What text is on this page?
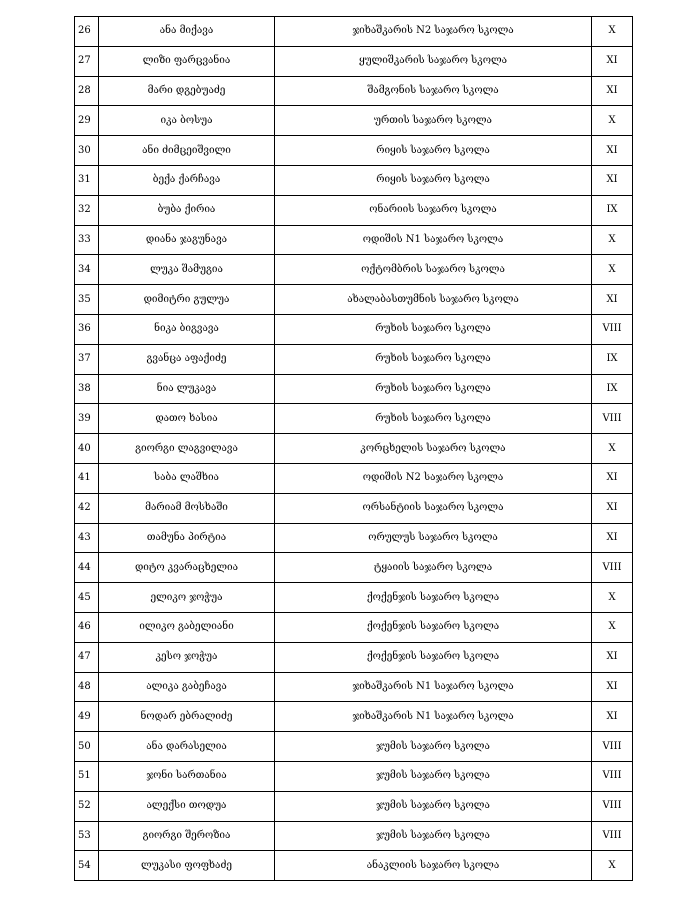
26	ანა მიქავა	ჯიხაშკარის N2 საჯარო სკოლა	X
27	ლიზი ფარცვანია	ყულიშკარის საჯარო სკოლა	XI
28	მარი დგებუაძე	შამგონის საჯარო სკოლა	XI
29	იკა ბოსუა	ურთის საჯარო სკოლა	X
30	ანი ძიმცეიშვილი	რიყის საჯარო სკოლა	XI
31	ბექა ქარჩავა	რიყის საჯარო სკოლა	XI
32	ბუბა ქირია	ონარიის საჯარო სკოლა	IX
33	დიანა ჯაგუნავა	ოდიშის N1 საჯარო სკოლა	X
34	ლუკა შამუგია	ოქტომბრის საჯარო სკოლა	X
35	დიმიტრი გულუა	ახალაბასთუმნის საჯარო სკოლა	XI
36	ნიკა ბიგვავა	რუხის საჯარო სკოლა	VIII
37	გვანცა აფაქიძე	რუხის საჯარო სკოლა	IX
38	ნია ლუკავა	რუხის საჯარო სკოლა	IX
39	დათო ხასია	რუხის საჯარო სკოლა	VIII
40	გიორგი ლაგვილავა	კორცხელის საჯარო სკოლა	X
41	საბა ლაშხია	ოდიშის N2 საჯარო სკოლა	XI
42	მარიამ მოსხაში	ორსანტიის საჯარო სკოლა	XI
43	თამუნა პირტია	ორულუს საჯარო სკოლა	XI
44	დიტო კვარაცხელია	ტყაიის საჯარო სკოლა	VIII
45	ელიკო ჯოჭუა	ქოქენჯის საჯარო სკოლა	X
46	ილიკო გაბელიანი	ქოქენჯის საჯარო სკოლა	X
47	კესო ჯოჭუა	ქოქენჯის საჯარო სკოლა	XI
48	ალიკა გაბეჩავა	ჯიხაშკარის N1 საჯარო სკოლა	XI
49	ნოდარ ებრალიძე	ჯიხაშკარის N1 საჯარო სკოლა	XI
50	ანა დარასელია	ჯუმის საჯარო სკოლა	VIII
51	ჯონი სართანია	ჯუმის საჯარო სკოლა	VIII
52	ალექსი თოდუა	ჯუმის საჯარო სკოლა	VIII
53	გიორგი შეროზია	ჯუმის საჯარო სკოლა	VIII
54	ლუკასი ფოფხაძე	ანაკლიის საჯარო სკოლა	X
